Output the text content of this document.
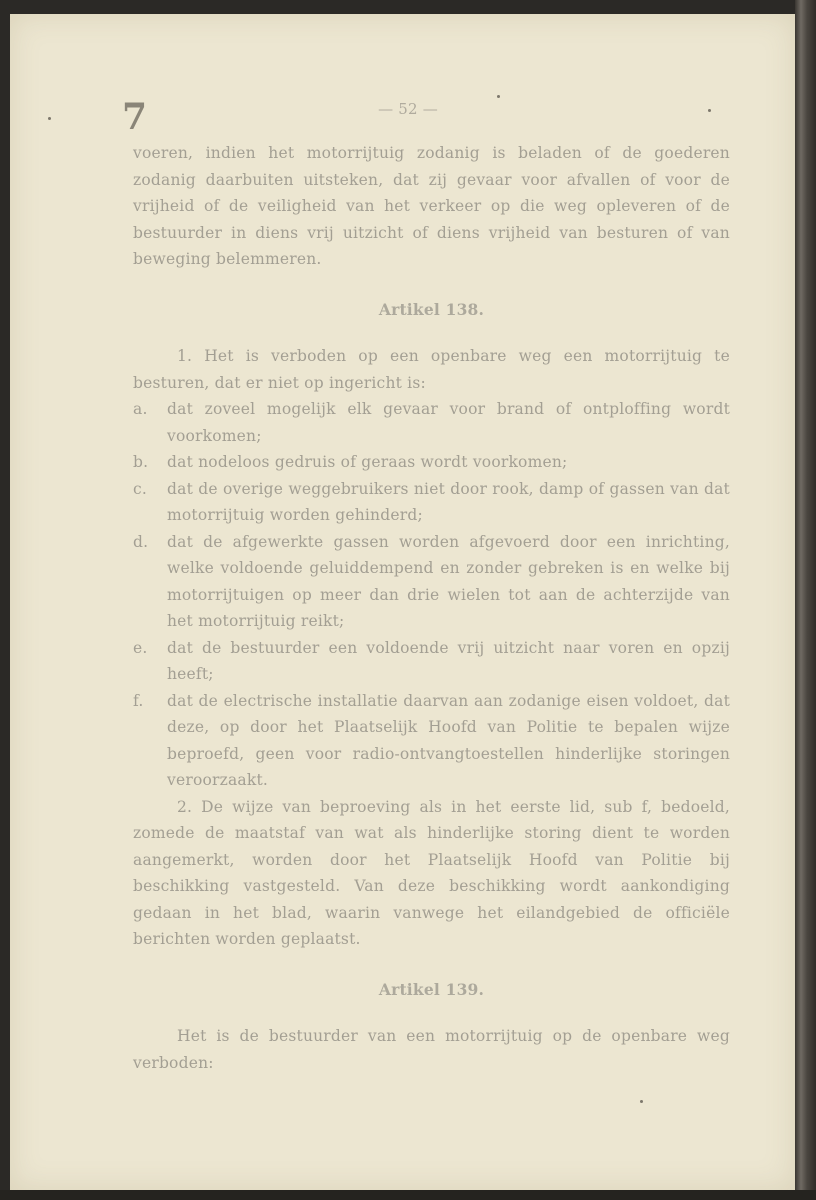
7	— 52 —

voeren, indien het motorrijtuig zodanig is beladen of de goederen zodanig daarbuiten uitsteken, dat zij gevaar voor afvallen of voor de vrijheid of de veiligheid van het verkeer op die weg opleveren of de bestuurder in diens vrij uitzicht of diens vrijheid van besturen of van beweging belemmeren.

Artikel 138.

1. Het is verboden op een openbare weg een motorrijtuig te besturen, dat er niet op ingericht is:

a.	dat zoveel mogelijk elk gevaar voor brand of ontploffing wordt voorkomen;
b.	dat nodeloos gedruis of geraas wordt voorkomen;
c.	dat de overige weggebruikers niet door rook, damp of gassen van dat motorrijtuig worden gehinderd;
d.	dat de afgewerkte gassen worden afgevoerd door een inrichting, welke voldoende geluiddempend en zonder gebreken is en welke bij motorrijtuigen op meer dan drie wielen tot aan de achterzijde van het motorrijtuig reikt;
e.	dat de bestuurder een voldoende vrij uitzicht naar voren en opzij heeft;
f.	dat de electrische installatie daarvan aan zodanige eisen voldoet, dat deze, op door het Plaatselijk Hoofd van Politie te bepalen wijze beproefd, geen voor radio-ontvangtoestellen hinderlijke storingen veroorzaakt.

2. De wijze van beproeving als in het eerste lid, sub f, bedoeld, zomede de maatstaf van wat als hinderlijke storing dient te worden aangemerkt, worden door het Plaatselijk Hoofd van Politie bij beschikking vastgesteld. Van deze beschikking wordt aankondiging gedaan in het blad, waarin vanwege het eilandgebied de officiële berichten worden geplaatst.

Artikel 139.

Het is de bestuurder van een motorrijtuig op de openbare weg verboden:
